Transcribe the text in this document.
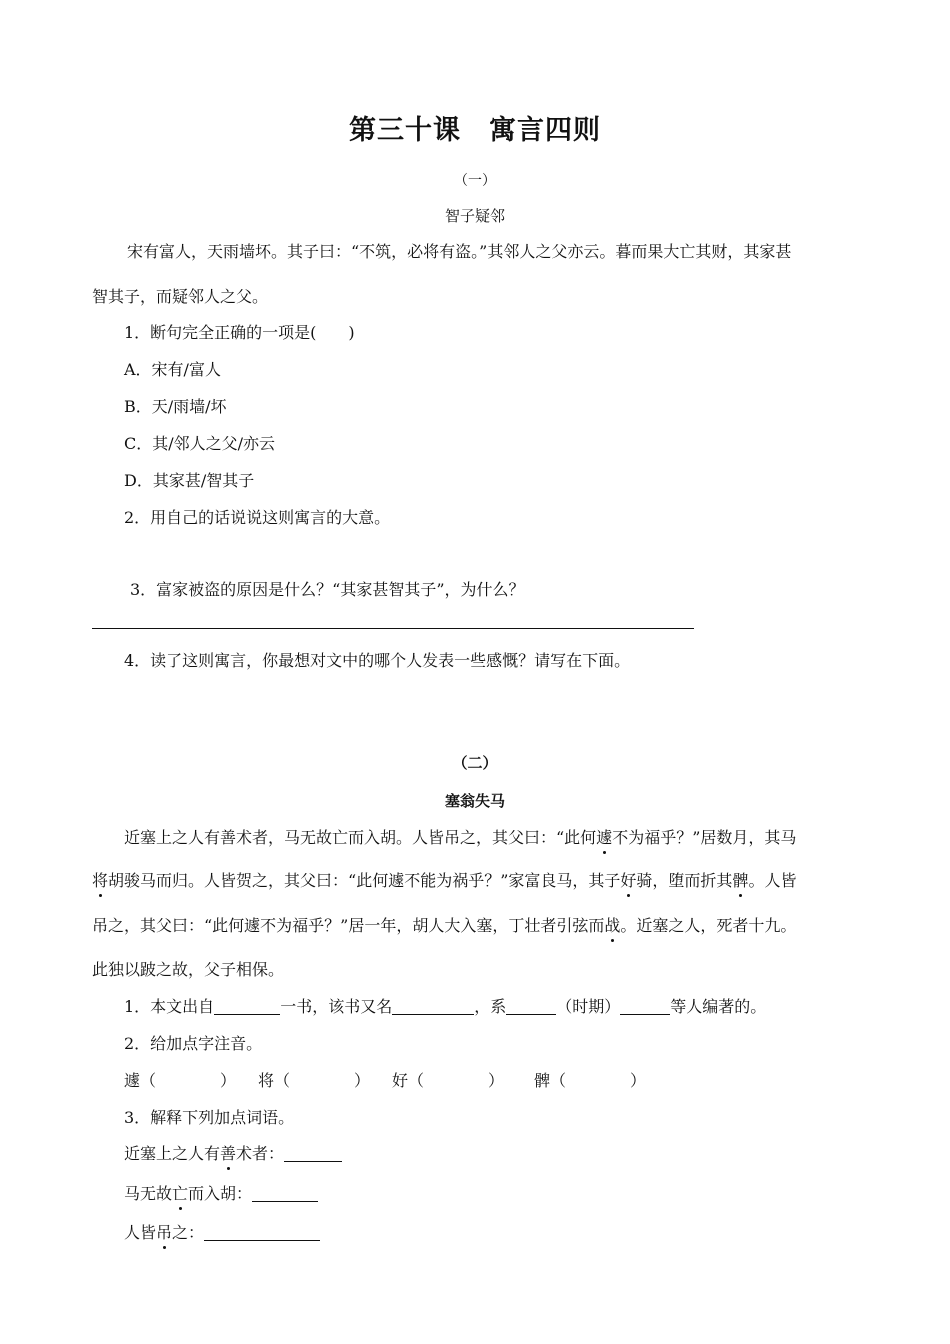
第三十课　寓言四则
（一）
智子疑邻
宋有富人，天雨墙坏。其子曰：“不筑，必将有盗。”其邻人之父亦云。暮而果大亡其财，其家甚
智其子，而疑邻人之父。
1．断句完全正确的一项是(　　)
A．宋有/富人
B．天/雨墙/坏
C．其/邻人之父/亦云
D．其家甚/智其子
2．用自己的话说说这则寓言的大意。
3．富家被盗的原因是什么？“其家甚智其子”，为什么？
4．读了这则寓言，你最想对文中的哪个人发表一些感慨？请写在下面。
（二）
塞翁失马
近塞上之人有善术者，马无故亡而入胡。人皆吊之，其父曰：“此何遽不为福乎？”居数月，其马
将胡骏马而归。人皆贺之，其父曰：“此何遽不能为祸乎？”家富良马，其子好骑，堕而折其髀。人皆
吊之，其父曰：“此何遽不为福乎？”居一年，胡人大入塞，丁壮者引弦而战。近塞之人，死者十九。
此独以跛之故，父子相保。
1．本文出自	一书，该书又名	，系	（时期）	等人编著的。
2．给加点字注音。
遽（　　　　） 将（　　　　） 好（　　　　） 髀（　　　　）
3．解释下列加点词语。
近塞上之人有善术者：
马无故亡而入胡：
人皆吊之：
